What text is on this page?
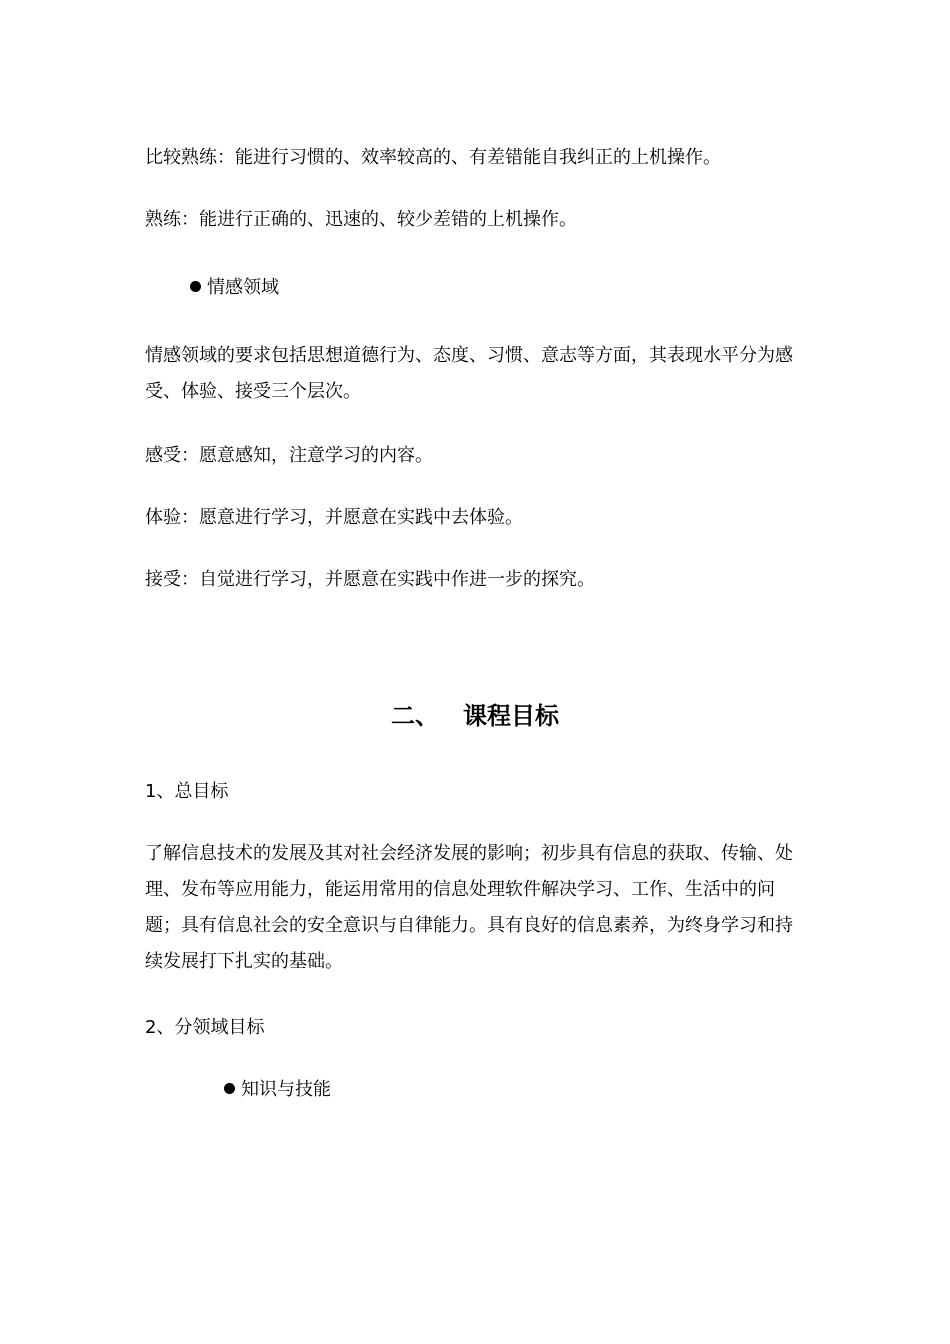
比较熟练：能进行习惯的、效率较高的、有差错能自我纠正的上机操作。
熟练：能进行正确的、迅速的、较少差错的上机操作。
情感领域
情感领域的要求包括思想道德行为、态度、习惯、意志等方面，其表现水平分为感受、体验、接受三个层次。
感受：愿意感知，注意学习的内容。
体验：愿意进行学习，并愿意在实践中去体验。
接受：自觉进行学习，并愿意在实践中作进一步的探究。
二、 课程目标
1、总目标
了解信息技术的发展及其对社会经济发展的影响；初步具有信息的获取、传输、处理、发布等应用能力，能运用常用的信息处理软件解决学习、工作、生活中的问题；具有信息社会的安全意识与自律能力。具有良好的信息素养，为终身学习和持续发展打下扎实的基础。
2、分领域目标
知识与技能
